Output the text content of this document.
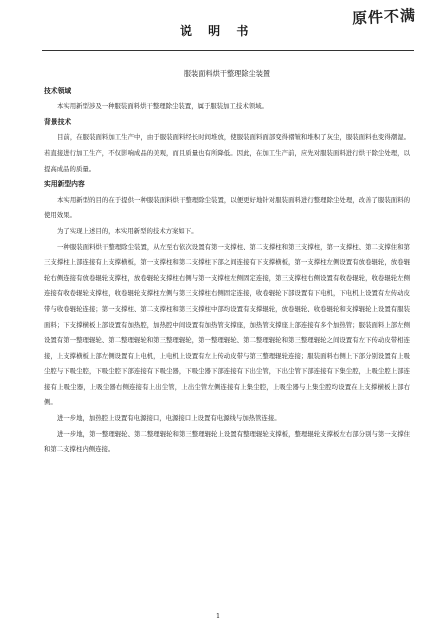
说 明 书
原件不满
服装面料烘干整理除尘装置
技术领域

本实用新型涉及一种服装面料烘干整理除尘装置，属于服装加工技术领域。

背景技术

目前，在服装面料加工生产中，由于服装面料经长时间堆放，使服装面料面部变得褶皱和堆积了灰尘，服装面料也变得潮湿。若直接进行加工生产，不仅影响成品的美观，而且质量也有所降低。因此，在加工生产前，应先对服装面料进行烘干除尘处理，以提高成品的质量。

实用新型内容

本实用新型的目的在于提供一种服装面料烘干整理除尘装置，以便更好地针对服装面料进行整理除尘处理，改善了服装面料的使用效果。

为了实现上述目的，本实用新型的技术方案如下。

一种服装面料烘干整理除尘装置，从左至右依次设置有第一支撑柱、第二支撑柱和第三支撑柱，第一支撑柱、第二支撑住和第三支撑柱上部连接有上支撑横板，第一支撑柱和第二支撑柱下部之间连接有下支撑横板，第一支撑柱左侧设置有放卷辊轮，放卷辊轮右侧连接有放卷辊轮支撑柱，放卷辊轮支撑柱右侧与第一支撑柱左侧固定连接，第三支撑柱右侧设置有收卷辊轮，收卷辊轮左侧连接有收卷辊轮支撑柱，收卷辊轮支撑柱左侧与第三支撑柱右侧固定连接，收卷辊轮下部设置有下电机，下电机上设置有左传动皮带与收卷辊轮连接；第一支撑柱、第二支撑柱和第三支撑柱中部均设置有支撑辊轮，放卷辊轮、收卷辊轮和支撑辊轮上设置有服装面料；下支撑横板上部设置有加热腔，加热腔中间设置有加热管支撑座，加热管支撑座上部连接有多个加热管；服装面料上部左侧设置有第一整理辊轮、第二整理辊轮和第三整理辊轮，第一整理辊轮、第二整理辊轮和第三整理辊轮之间设置有左下传动皮带相连接，上支撑横板上部左侧设置有上电机，上电机上设置有左上传动皮带与第三整理辊轮连接；服装面料右侧上下部分别设置有上吸尘腔与下吸尘腔，下吸尘腔下部连接有下吸尘器，下吸尘器下部连接有下出尘管，下出尘管下部连接有下集尘腔，上吸尘腔上部连接有上吸尘器，上吸尘器右侧连接有上出尘管，上出尘管左侧连接有上集尘腔，上吸尘器与上集尘腔均设置在上支撑横板上部右侧。

进一步地，加热腔上设置有电源接口，电源接口上设置有电源线与加热管连接。

进一步地，第一整理辊轮、第二整理辊轮和第三整理辊轮上设置有整理辊轮支撑板，整理辊轮支撑板左右部分别与第一支撑住和第二支撑柱内侧连接。

1
